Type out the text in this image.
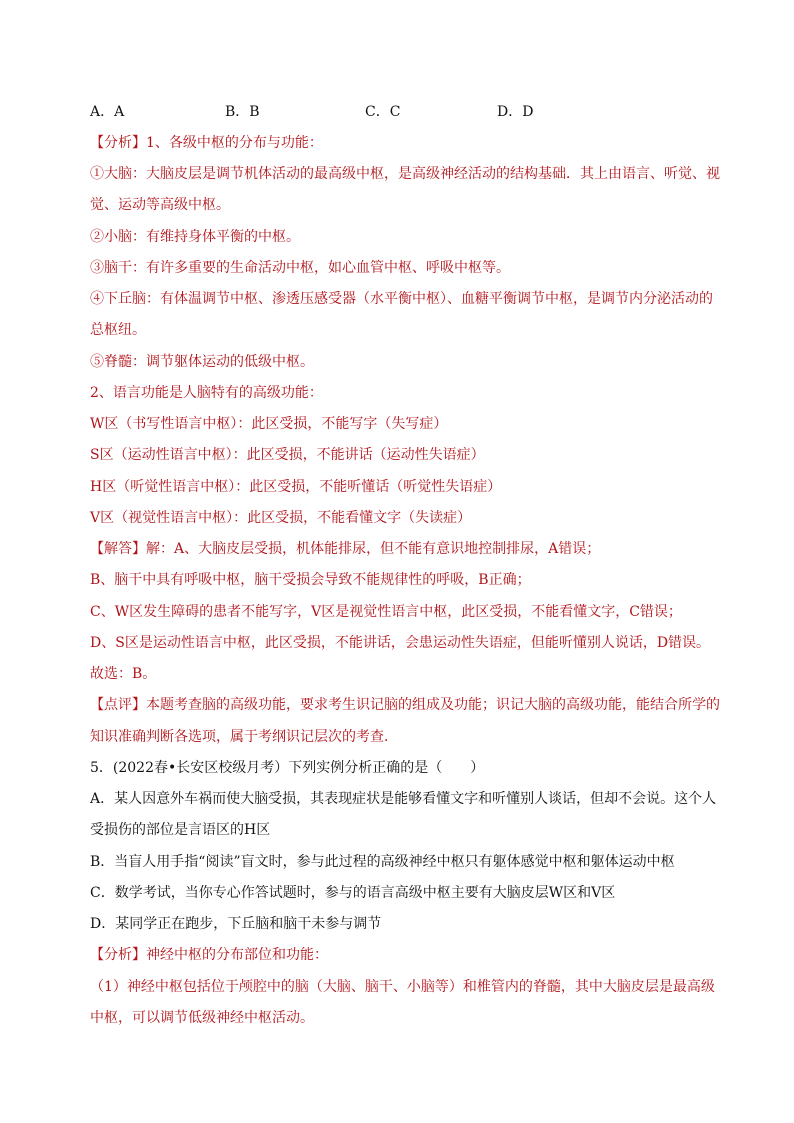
A．A	B．B	C．C	D．D
【分析】1、各级中枢的分布与功能：
①大脑：大脑皮层是调节机体活动的最高级中枢，是高级神经活动的结构基础．其上由语言、听觉、视
觉、运动等高级中枢。
②小脑：有维持身体平衡的中枢。
③脑干：有许多重要的生命活动中枢，如心血管中枢、呼吸中枢等。
④下丘脑：有体温调节中枢、渗透压感受器（水平衡中枢）、血糖平衡调节中枢，是调节内分泌活动的
总枢纽。
⑤脊髓：调节躯体运动的低级中枢。
2、语言功能是人脑特有的高级功能：
W区（书写性语言中枢）：此区受损，不能写字（失写症）
S区（运动性语言中枢）：此区受损，不能讲话（运动性失语症）
H区（听觉性语言中枢）：此区受损，不能听懂话（听觉性失语症）
V区（视觉性语言中枢）：此区受损，不能看懂文字（失读症）
【解答】解：A、大脑皮层受损，机体能排尿，但不能有意识地控制排尿，A错误；
B、脑干中具有呼吸中枢，脑干受损会导致不能规律性的呼吸，B正确；
C、W区发生障碍的患者不能写字，V区是视觉性语言中枢，此区受损，不能看懂文字，C错误；
D、S区是运动性语言中枢，此区受损，不能讲话，会患运动性失语症，但能听懂别人说话，D错误。
故选：B。
【点评】本题考查脑的高级功能，要求考生识记脑的组成及功能；识记大脑的高级功能，能结合所学的
知识准确判断各选项，属于考纲识记层次的考查．
5．(2022春•长安区校级月考）下列实例分析正确的是（　　）
A．某人因意外车祸而使大脑受损，其表现症状是能够看懂文字和听懂别人谈话，但却不会说。这个人
受损伤的部位是言语区的H区
B．当盲人用手指“阅读”盲文时，参与此过程的高级神经中枢只有躯体感觉中枢和躯体运动中枢
C．数学考试，当你专心作答试题时，参与的语言高级中枢主要有大脑皮层W区和V区
D．某同学正在跑步，下丘脑和脑干未参与调节
【分析】神经中枢的分布部位和功能：
（1）神经中枢包括位于颅腔中的脑（大脑、脑干、小脑等）和椎管内的脊髓，其中大脑皮层是最高级
中枢，可以调节低级神经中枢活动。
